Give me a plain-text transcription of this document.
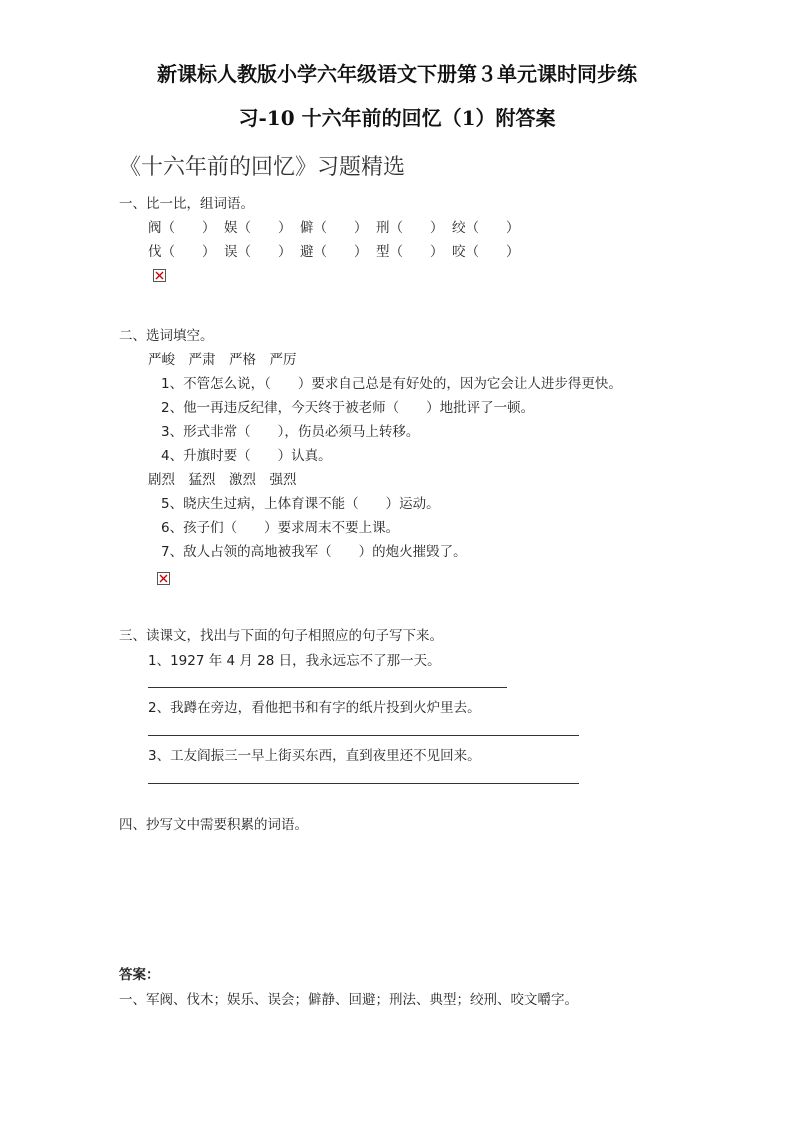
新课标人教版小学六年级语文下册第３单元课时同步练
习-10 十六年前的回忆（1）附答案
《十六年前的回忆》习题精选
一、比一比，组词语。
阀（　　） 娱（　　） 僻（　　） 刑（　　） 绞（　　）
伐（　　） 误（　　） 避（　　） 型（　　） 咬（　　）
二、选词填空。
严峻　严肃　严格　严厉
1、不管怎么说，（　　）要求自己总是有好处的，因为它会让人进步得更快。
2、他一再违反纪律，今天终于被老师（　　）地批评了一顿。
3、形式非常（　　），伤员必须马上转移。
4、升旗时要（　　）认真。
剧烈　猛烈　激烈　强烈
5、晓庆生过病，上体育课不能（　　）运动。
6、孩子们（　　）要求周末不要上课。
7、敌人占领的高地被我军（　　）的炮火摧毁了。
三、读课文，找出与下面的句子相照应的句子写下来。
1、1927 年 4 月 28 日，我永远忘不了那一天。
2、我蹲在旁边，看他把书和有字的纸片投到火炉里去。
3、工友阎振三一早上街买东西，直到夜里还不见回来。
四、抄写文中需要积累的词语。
答案：
一、军阀、伐木；娱乐、误会；僻静、回避；刑法、典型；绞刑、咬文嚼字。
